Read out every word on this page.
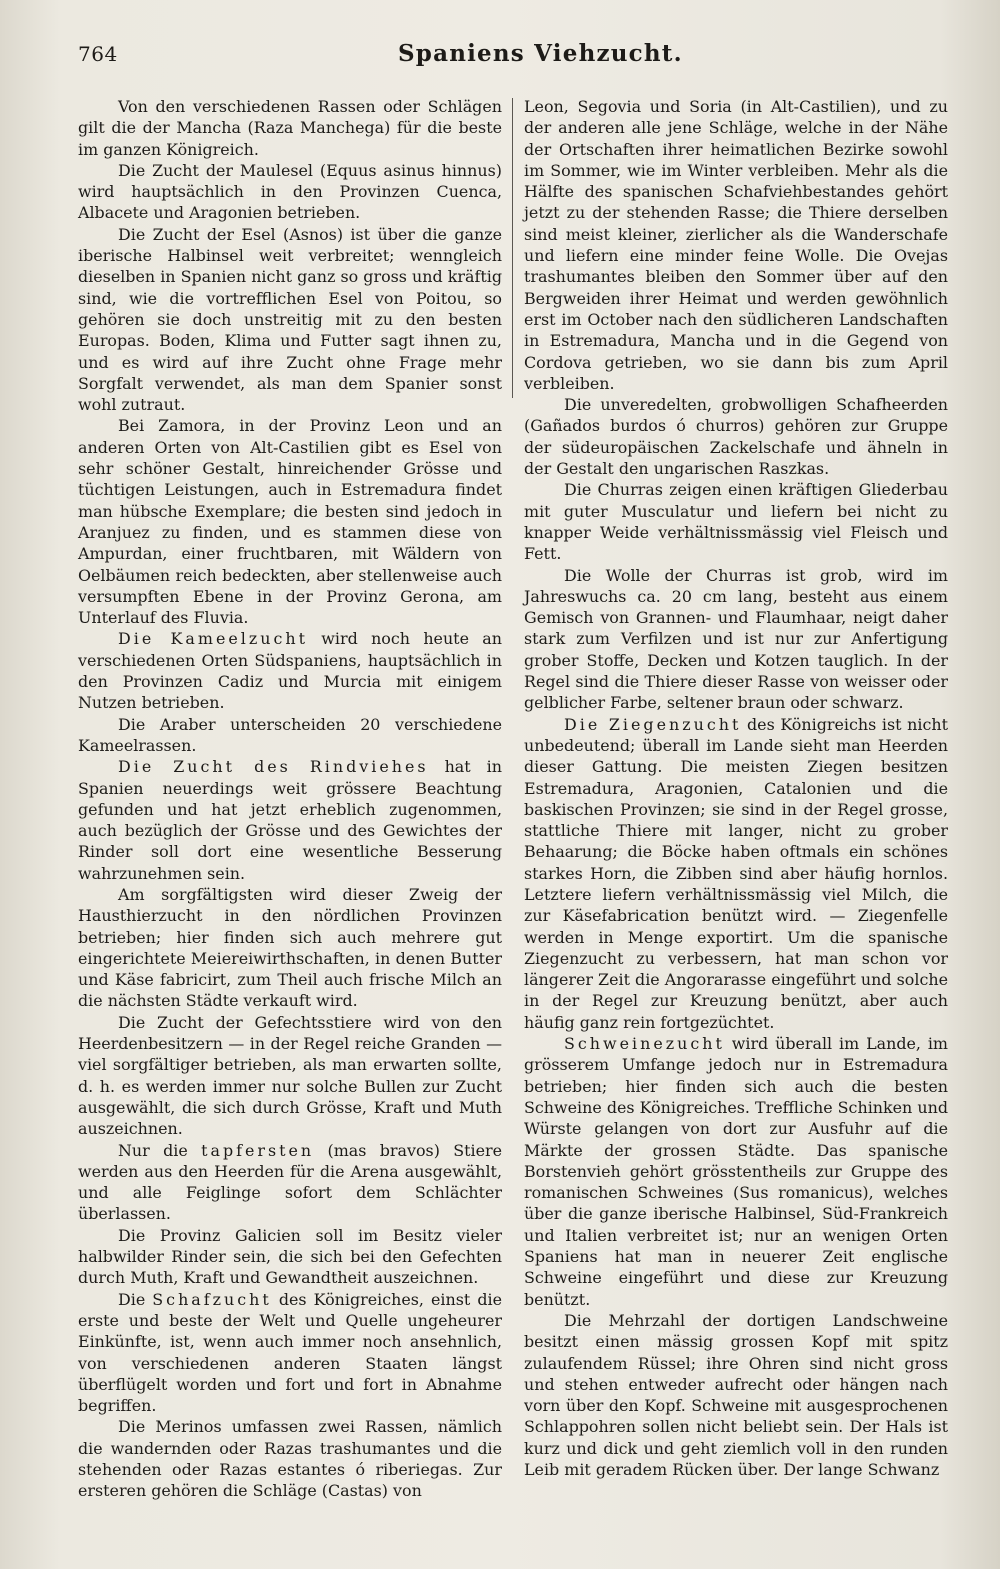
764	Spaniens Viehzucht.

Von den verschiedenen Rassen oder Schlägen gilt die der Mancha (Raza Manchega) für die beste im ganzen Königreich.

Die Zucht der Maulesel (Equus asinus hinnus) wird hauptsächlich in den Provinzen Cuenca, Albacete und Aragonien betrieben.

Die Zucht der Esel (Asnos) ist über die ganze iberische Halbinsel weit verbreitet; wenngleich dieselben in Spanien nicht ganz so gross und kräftig sind, wie die vortrefflichen Esel von Poitou, so gehören sie doch unstreitig mit zu den besten Europas. Boden, Klima und Futter sagt ihnen zu, und es wird auf ihre Zucht ohne Frage mehr Sorgfalt verwendet, als man dem Spanier sonst wohl zutraut.

Bei Zamora, in der Provinz Leon und an anderen Orten von Alt-Castilien gibt es Esel von sehr schöner Gestalt, hinreichender Grösse und tüchtigen Leistungen, auch in Estremadura findet man hübsche Exemplare; die besten sind jedoch in Aranjuez zu finden, und es stammen diese von Ampurdan, einer fruchtbaren, mit Wäldern von Oelbäumen reich bedeckten, aber stellenweise auch versumpften Ebene in der Provinz Gerona, am Unterlauf des Fluvia.

Die Kameelzucht wird noch heute an verschiedenen Orten Südspaniens, hauptsächlich in den Provinzen Cadiz und Murcia mit einigem Nutzen betrieben.

Die Araber unterscheiden 20 verschiedene Kameelrassen.

Die Zucht des Rindviehes hat in Spanien neuerdings weit grössere Beachtung gefunden und hat jetzt erheblich zugenommen, auch bezüglich der Grösse und des Gewichtes der Rinder soll dort eine wesentliche Besserung wahrzunehmen sein.

Am sorgfältigsten wird dieser Zweig der Hausthierzucht in den nördlichen Provinzen betrieben; hier finden sich auch mehrere gut eingerichtete Meiereiwirthschaften, in denen Butter und Käse fabricirt, zum Theil auch frische Milch an die nächsten Städte verkauft wird.

Die Zucht der Gefechtsstiere wird von den Heerdenbesitzern — in der Regel reiche Granden — viel sorgfältiger betrieben, als man erwarten sollte, d. h. es werden immer nur solche Bullen zur Zucht ausgewählt, die sich durch Grösse, Kraft und Muth auszeichnen.

Nur die tapfersten (mas bravos) Stiere werden aus den Heerden für die Arena ausgewählt, und alle Feiglinge sofort dem Schlächter überlassen.

Die Provinz Galicien soll im Besitz vieler halbwilder Rinder sein, die sich bei den Gefechten durch Muth, Kraft und Gewandtheit auszeichnen.

Die Schafzucht des Königreiches, einst die erste und beste der Welt und Quelle ungeheurer Einkünfte, ist, wenn auch immer noch ansehnlich, von verschiedenen anderen Staaten längst überflügelt worden und fort und fort in Abnahme begriffen.

Die Merinos umfassen zwei Rassen, nämlich die wandernden oder Razas trashumantes und die stehenden oder Razas estantes ó riberiegas. Zur ersteren gehören die Schläge (Castas) von

Leon, Segovia und Soria (in Alt-Castilien), und zu der anderen alle jene Schläge, welche in der Nähe der Ortschaften ihrer heimatlichen Bezirke sowohl im Sommer, wie im Winter verbleiben. Mehr als die Hälfte des spanischen Schafviehbestandes gehört jetzt zu der stehenden Rasse; die Thiere derselben sind meist kleiner, zierlicher als die Wanderschafe und liefern eine minder feine Wolle. Die Ovejas trashumantes bleiben den Sommer über auf den Bergweiden ihrer Heimat und werden gewöhnlich erst im October nach den südlicheren Landschaften in Estremadura, Mancha und in die Gegend von Cordova getrieben, wo sie dann bis zum April verbleiben.

Die unveredelten, grobwolligen Schafheerden (Gañados burdos ó churros) gehören zur Gruppe der südeuropäischen Zackelschafe und ähneln in der Gestalt den ungarischen Raszkas.

Die Churras zeigen einen kräftigen Gliederbau mit guter Musculatur und liefern bei nicht zu knapper Weide verhältnissmässig viel Fleisch und Fett.

Die Wolle der Churras ist grob, wird im Jahreswuchs ca. 20 cm lang, besteht aus einem Gemisch von Grannen- und Flaumhaar, neigt daher stark zum Verfilzen und ist nur zur Anfertigung grober Stoffe, Decken und Kotzen tauglich. In der Regel sind die Thiere dieser Rasse von weisser oder gelblicher Farbe, seltener braun oder schwarz.

Die Ziegenzucht des Königreichs ist nicht unbedeutend; überall im Lande sieht man Heerden dieser Gattung. Die meisten Ziegen besitzen Estremadura, Aragonien, Catalonien und die baskischen Provinzen; sie sind in der Regel grosse, stattliche Thiere mit langer, nicht zu grober Behaarung; die Böcke haben oftmals ein schönes starkes Horn, die Zibben sind aber häufig hornlos. Letztere liefern verhältnissmässig viel Milch, die zur Käsefabrication benützt wird. — Ziegenfelle werden in Menge exportirt. Um die spanische Ziegenzucht zu verbessern, hat man schon vor längerer Zeit die Angorarasse eingeführt und solche in der Regel zur Kreuzung benützt, aber auch häufig ganz rein fortgezüchtet.

Schweinezucht wird überall im Lande, im grösserem Umfange jedoch nur in Estremadura betrieben; hier finden sich auch die besten Schweine des Königreiches. Treffliche Schinken und Würste gelangen von dort zur Ausfuhr auf die Märkte der grossen Städte. Das spanische Borstenvieh gehört grösstentheils zur Gruppe des romanischen Schweines (Sus romanicus), welches über die ganze iberische Halbinsel, Süd-Frankreich und Italien verbreitet ist; nur an wenigen Orten Spaniens hat man in neuerer Zeit englische Schweine eingeführt und diese zur Kreuzung benützt.

Die Mehrzahl der dortigen Landschweine besitzt einen mässig grossen Kopf mit spitz zulaufendem Rüssel; ihre Ohren sind nicht gross und stehen entweder aufrecht oder hängen nach vorn über den Kopf. Schweine mit ausgesprochenen Schlappohren sollen nicht beliebt sein. Der Hals ist kurz und dick und geht ziemlich voll in den runden Leib mit geradem Rücken über. Der lange Schwanz
